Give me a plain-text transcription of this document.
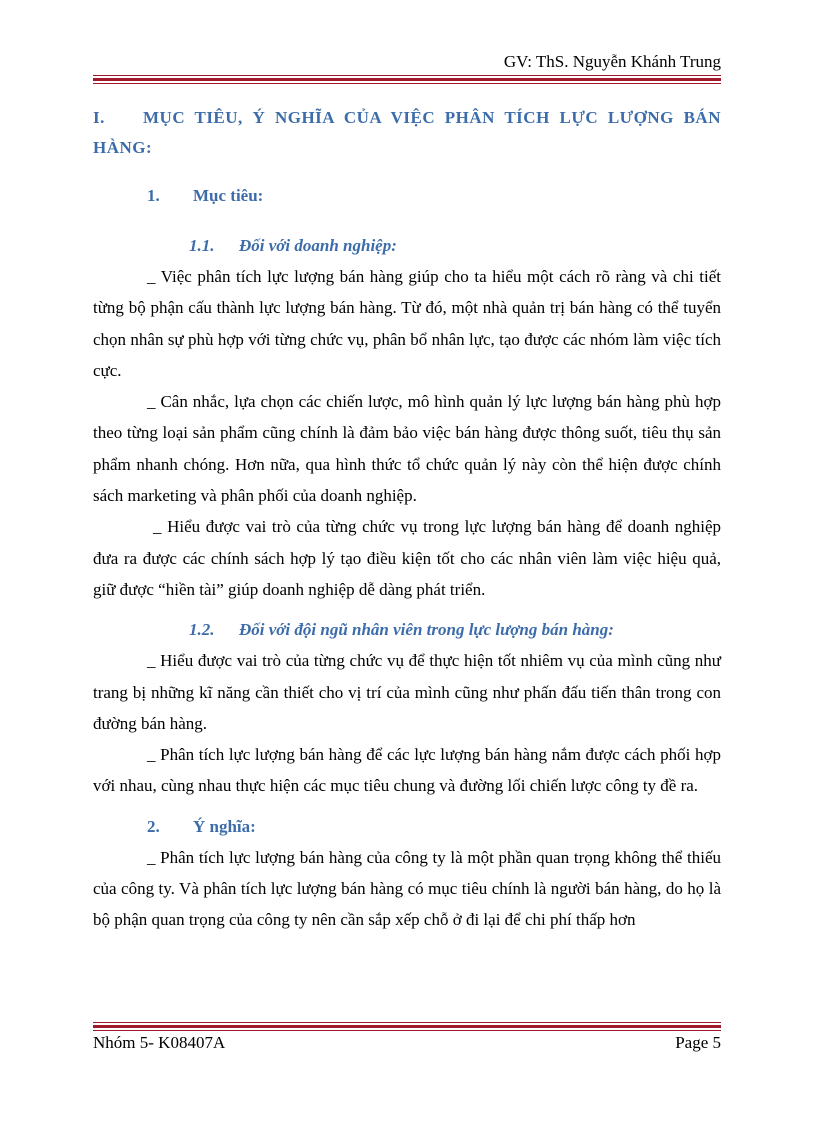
GV: ThS. Nguyễn Khánh Trung
I. MỤC TIÊU, Ý NGHĨA CỦA VIỆC PHÂN TÍCH LỰC LƯỢNG BÁN HÀNG:
1. Mục tiêu:
1.1. Đối với doanh nghiệp:

_ Việc phân tích lực lượng bán hàng giúp cho ta hiểu một cách rõ ràng và chi tiết từng bộ phận cấu thành lực lượng bán hàng. Từ đó, một nhà quản trị bán hàng có thể tuyển chọn nhân sự phù hợp với từng chức vụ, phân bổ nhân lực, tạo được các nhóm làm việc tích cực.

_ Cân nhắc, lựa chọn các chiến lược, mô hình quản lý lực lượng bán hàng phù hợp theo từng loại sản phẩm cũng chính là đảm bảo việc bán hàng được thông suốt, tiêu thụ sản phẩm nhanh chóng. Hơn nữa, qua hình thức tổ chức quản lý này còn thể hiện được chính sách marketing và phân phối của doanh nghiệp.

_ Hiểu được vai trò của từng chức vụ trong lực lượng bán hàng để doanh nghiệp đưa ra được các chính sách hợp lý tạo điều kiện tốt cho các nhân viên làm việc hiệu quả, giữ được “hiền tài” giúp doanh nghiệp dễ dàng phát triển.

1.2. Đối với đội ngũ nhân viên trong lực lượng bán hàng:

_ Hiểu được vai trò của từng chức vụ để thực hiện tốt nhiêm vụ của mình cũng như trang bị những kĩ năng cần thiết cho vị trí của mình cũng như phấn đấu tiến thân trong con đường bán hàng.

_ Phân tích lực lượng bán hàng để các lực lượng bán hàng nắm được cách phối hợp với nhau, cùng nhau thực hiện các mục tiêu chung và đường lối chiến lược công ty đề ra.

2. Ý nghĩa:

_ Phân tích lực lượng bán hàng của công ty là một phần quan trọng không thể thiếu của công ty. Và phân tích lực lượng bán hàng có mục tiêu chính là người bán hàng, do họ là bộ phận quan trọng của công ty nên cần sắp xếp chỗ ở đi lại để chi phí thấp hơn

Nhóm 5- K08407A	Page 5
